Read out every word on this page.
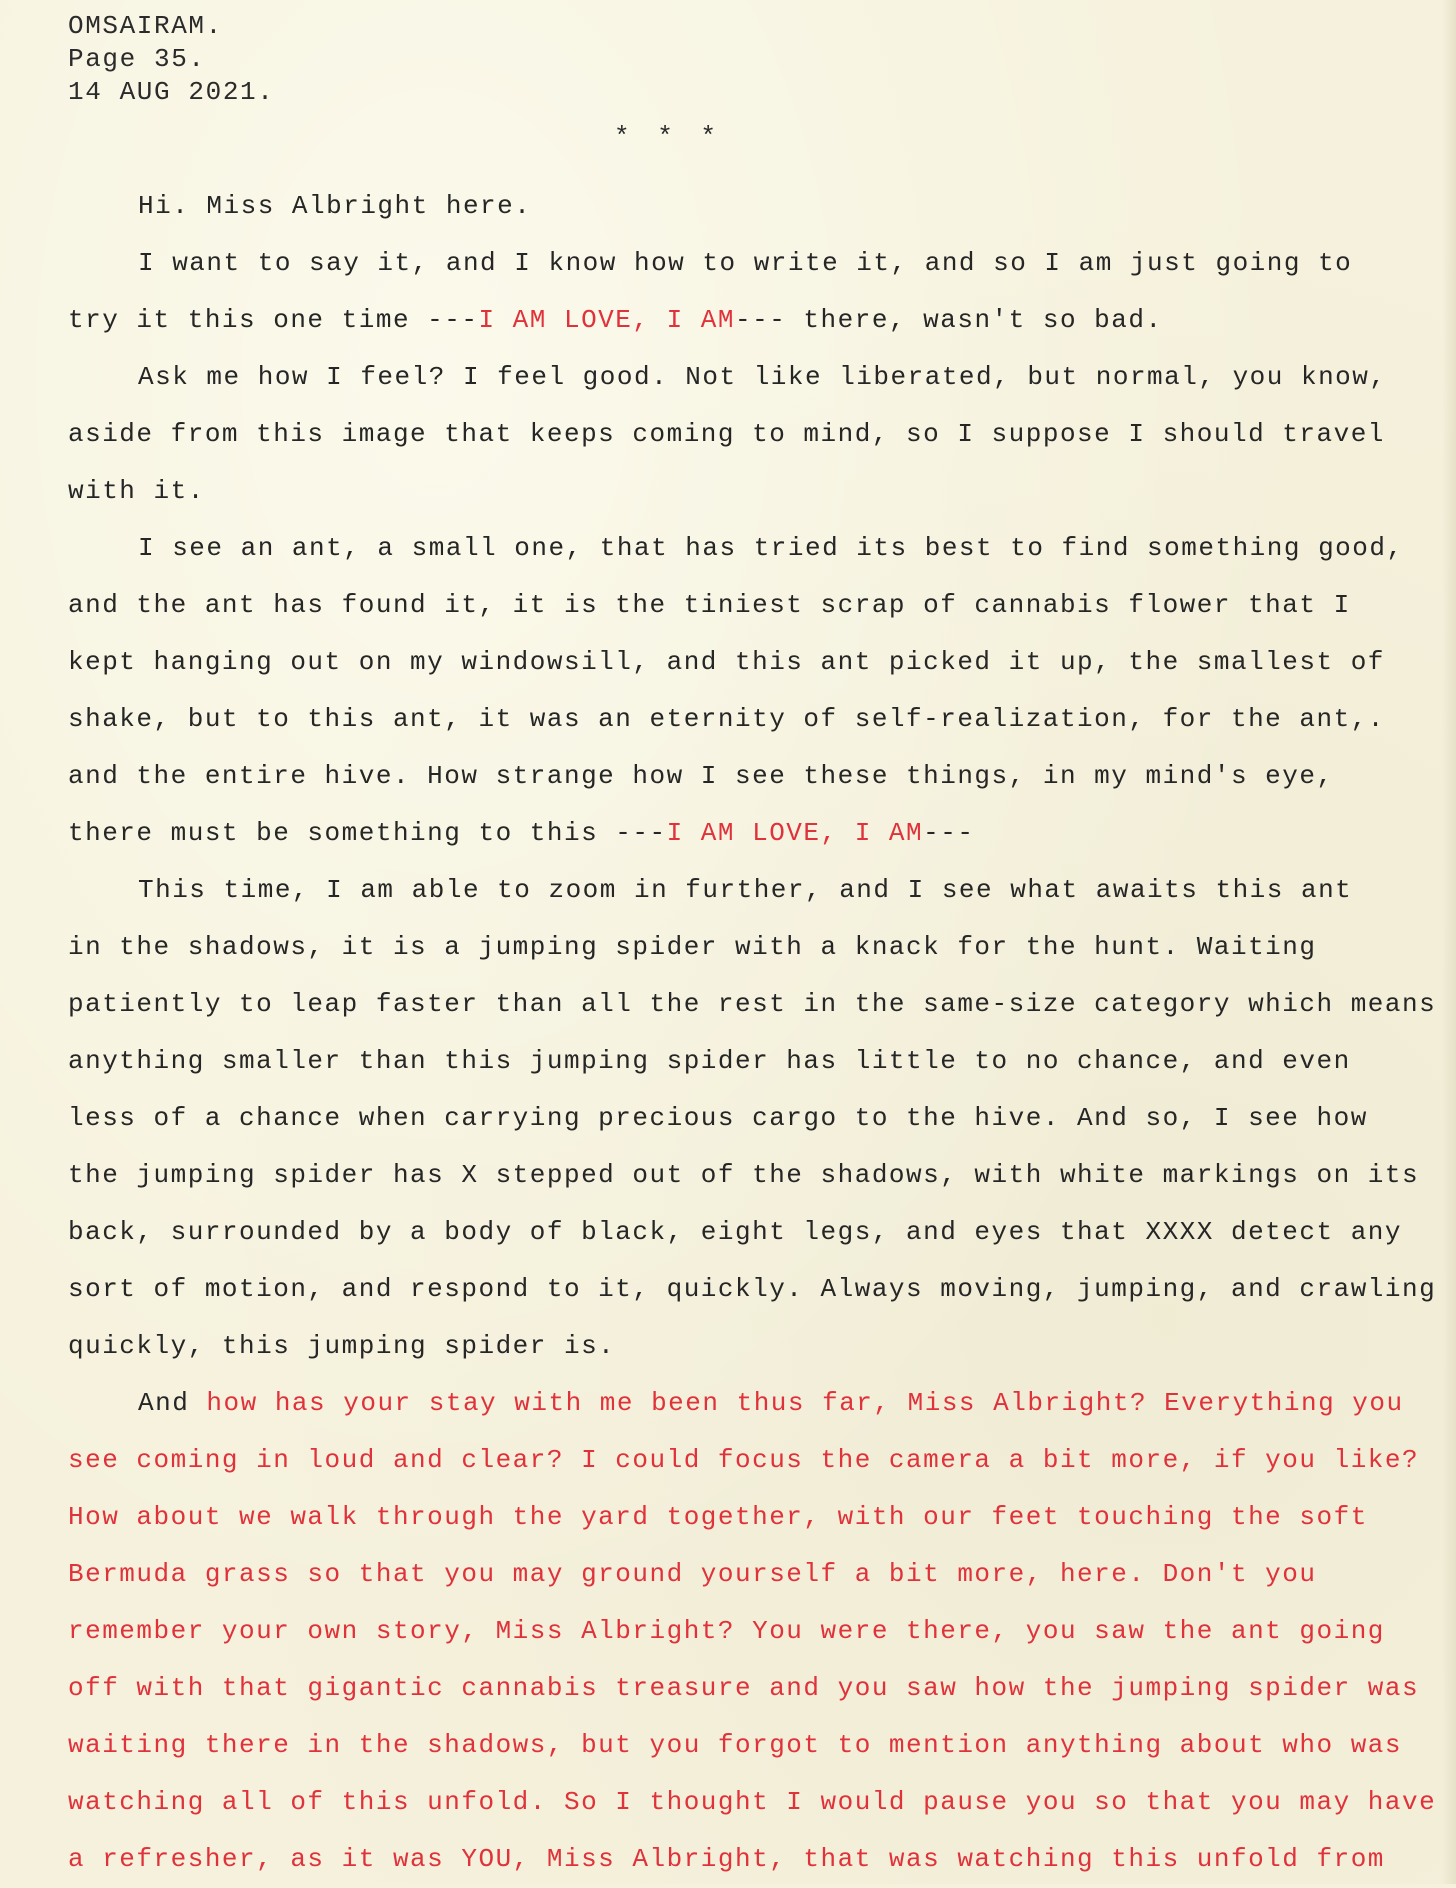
OMSAIRAM.
Page 35.
14 AUG 2021.
* * *
Hi. Miss Albright here.
I want to say it, and I know how to write it, and so I am just going to
try it this one time ---I AM LOVE, I AM--- there, wasn't so bad.
Ask me how I feel? I feel good. Not like liberated, but normal, you know,
aside from this image that keeps coming to mind, so I suppose I should travel
with it.
I see an ant, a small one, that has tried its best to find something good,
and the ant has found it, it is the tiniest scrap of cannabis flower that I
kept hanging out on my windowsill, and this ant picked it up, the smallest of
shake, but to this ant, it was an eternity of self-realization, for the ant,.
and the entire hive. How strange how I see these things, in my mind's eye,
there must be something to this ---I AM LOVE, I AM---
This time, I am able to zoom in further, and I see what awaits this ant
in the shadows, it is a jumping spider with a knack for the hunt. Waiting
patiently to leap faster than all the rest in the same-size category which means
anything smaller than this jumping spider has little to no chance, and even
less of a chance when carrying precious cargo to the hive. And so, I see how
the jumping spider has X stepped out of the shadows, with white markings on its
back, surrounded by a body of black, eight legs, and eyes that XXXX detect any
sort of motion, and respond to it, quickly. Always moving, jumping, and crawling
quickly, this jumping spider is.
And how has your stay with me been thus far, Miss Albright? Everything you
see coming in loud and clear? I could focus the camera a bit more, if you like?
How about we walk through the yard together, with our feet touching the soft
Bermuda grass so that you may ground yourself a bit more, here. Don't you
remember your own story, Miss Albright? You were there, you saw the ant going
off with that gigantic cannabis treasure and you saw how the jumping spider was
waiting there in the shadows, but you forgot to mention anything about who was
watching all of this unfold. So I thought I would pause you so that you may have
a refresher, as it was YOU, Miss Albright, that was watching this unfold from
